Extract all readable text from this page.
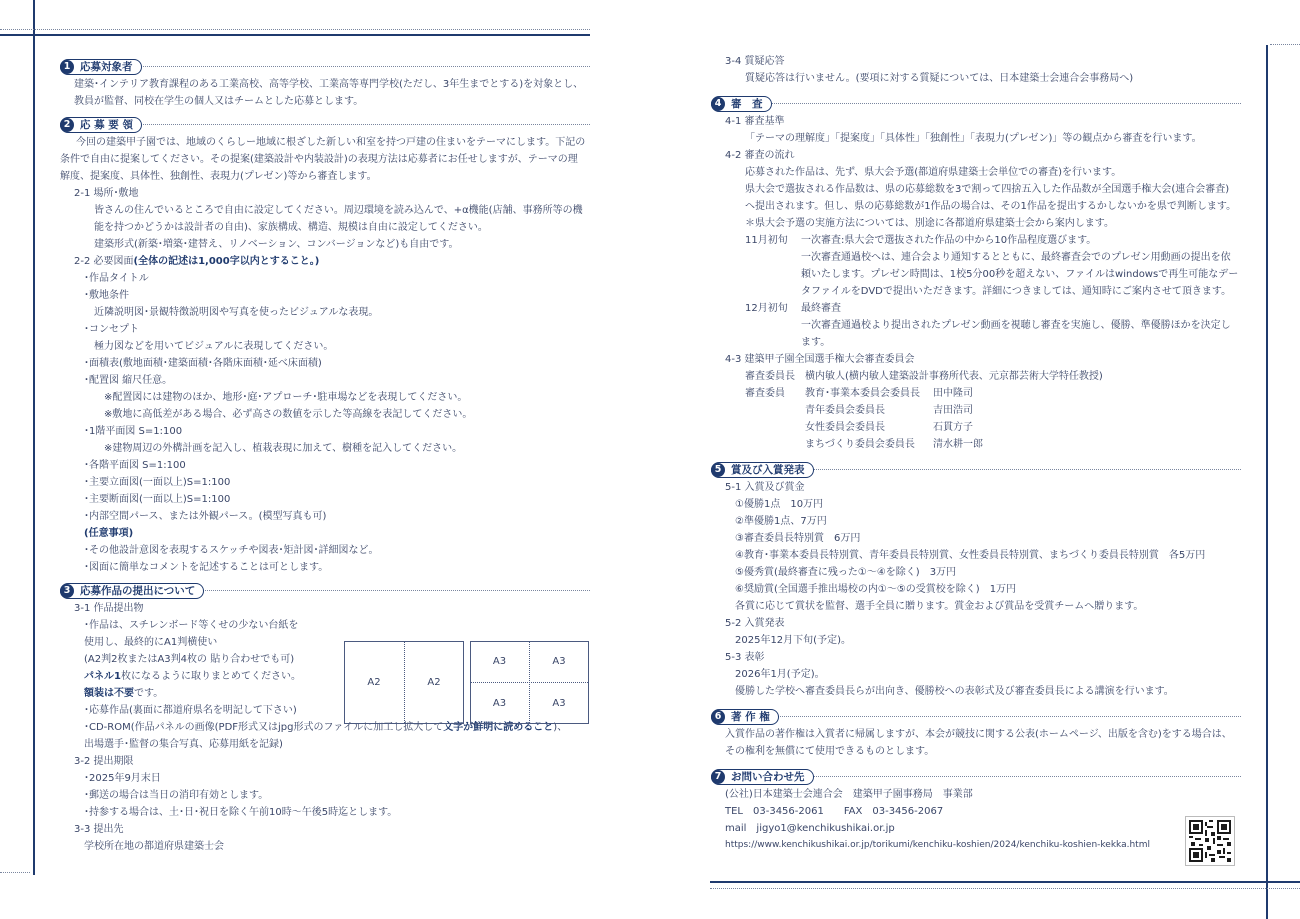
1 応募対象者

建築･インテリア教育課程のある工業高校、高等学校、工業高等専門学校(ただし、3年生までとする)を対象とし、

教員が監督、同校在学生の個人又はチームとした応募とします。

2 応 募 要 領

今回の建築甲子園では、地域のくらしー地域に根ざした新しい和室を持つ戸建の住まいをテーマにします。下記の

条件で自由に提案してください。その提案(建築設計や内装設計)の表現方法は応募者にお任せしますが、テーマの理

解度、提案度、具体性、独創性、表現力(プレゼン)等から審査します。

2-1 場所･敷地

皆さんの住んでいるところで自由に設定してください。周辺環境を読み込んで、+α機能(店舗、事務所等の機

能を持つかどうかは設計者の自由)、家族構成、構造、規模は自由に設定してください。

建築形式(新築･増築･建替え、リノベーション、コンバージョンなど)も自由です。

2-2 必要図面(全体の記述は1,000字以内とすること。)

･作品タイトル

･敷地条件

近隣説明図･景観特徴説明図や写真を使ったビジュアルな表現。

･コンセプト

極力図などを用いてビジュアルに表現してください。

･面積表(敷地面積･建築面積･各階床面積･延べ床面積)

･配置図 縮尺任意。

※配置図には建物のほか、地形･庭･アプローチ･駐車場などを表現してください。

※敷地に高低差がある場合、必ず高さの数値を示した等高線を表記してください。

･1階平面図 S=1:100

※建物周辺の外構計画を記入し、植栽表現に加えて、樹種を記入してください。

･各階平面図 S=1:100

･主要立面図(一面以上)S=1:100

･主要断面図(一面以上)S=1:100

･内部空間パース、または外観パース。(模型写真も可)

(任意事項)

･その他設計意図を表現するスケッチや図表･矩計図･詳細図など。

･図面に簡単なコメントを記述することは可とします。

3 応募作品の提出について

3-1 作品提出物

･作品は、スチレンボード等くせの少ない台紙を

使用し、最終的にA1判横使い

(A2判2枚またはA3判4枚の 貼り合わせでも可)

パネル1枚になるように取りまとめてください。

額装は不要です。

･応募作品(裏面に都道府県名を明記して下さい)

･CD-ROM(作品パネルの画像(PDF形式又はjpg形式のファイルに加工し拡大して文字が鮮明に読めること)、

出場選手･監督の集合写真、応募用紙を記録)

3-2 提出期限

･2025年9月末日

･郵送の場合は当日の消印有効とします。

･持参する場合は、土･日･祝日を除く午前10時～午後5時迄とします。

3-3 提出先

学校所在地の都道府県建築士会

A2	A2
A3	A3
A3	A3

3-4 質疑応答

質疑応答は行いません。(要項に対する質疑については、日本建築士会連合会事務局へ)

4 審　査

4-1 審査基準

「テーマの理解度」「提案度」「具体性」「独創性」「表現力(プレゼン)」等の観点から審査を行います。

4-2 審査の流れ

応募された作品は、先ず、県大会予選(都道府県建築士会単位での審査)を行います。

県大会で選抜される作品数は、県の応募総数を3で割って四捨五入した作品数が全国選手権大会(連合会審査)

へ提出されます。但し、県の応募総数が1作品の場合は、その1作品を提出するかしないかを県で判断します。

＊県大会予選の実施方法については、別途に各都道府県建築士会から案内します。

11月初旬	一次審査:県大会で選抜された作品の中から10作品程度選びます。

一次審査通過校へは、連合会より通知するとともに、最終審査会でのプレゼン用動画の提出を依

頼いたします。プレゼン時間は、1校5分00秒を超えない、ファイルはwindowsで再生可能なデー

タファイルをDVDで提出いただきます。詳細につきましては、通知時にご案内させて頂きます。

12月初旬	最終審査

一次審査通過校より提出されたプレゼン動画を視聴し審査を実施し、優勝、準優勝ほかを決定し

ます。

4-3 建築甲子園全国選手権大会審査委員会

審査委員長	横内敏人(横内敏人建築設計事務所代表、元京都芸術大学特任教授)
審査委員	教育･事業本委員会委員長	田中隆司
青年委員会委員長	吉田浩司
女性委員会委員長	石貫方子
まちづくり委員会委員長	清水耕一郎
5 賞及び入賞発表

5-1 入賞及び賞金

①優勝1点　10万円

②準優勝1点、7万円

③審査委員長特別賞　6万円

④教育･事業本委員長特別賞、青年委員長特別賞、女性委員長特別賞、まちづくり委員長特別賞　各5万円

⑤優秀賞(最終審査に残った①～④を除く)　3万円

⑥奨励賞(全国選手推出場校の内①～⑤の受賞校を除く)　1万円

各賞に応じて賞状を監督、選手全員に贈ります。賞金および賞品を受賞チームへ贈ります。

5-2 入賞発表

2025年12月下旬(予定)。

5-3 表彰

2026年1月(予定)。

優勝した学校へ審査委員長らが出向き、優勝校への表彰式及び審査委員長による講演を行います。

6 著 作 権

入賞作品の著作権は入賞者に帰属しますが、本会が競技に関する公表(ホームページ、出版を含む)をする場合は、

その権利を無償にて使用できるものとします。

7 お問い合わせ先

(公社)日本建築士会連合会　建築甲子園事務局　事業部

TEL　03-3456-2061　　FAX　03-3456-2067

mail　jigyo1@kenchikushikai.or.jp

https://www.kenchikushikai.or.jp/torikumi/kenchiku-koshien/2024/kenchiku-koshien-kekka.html
